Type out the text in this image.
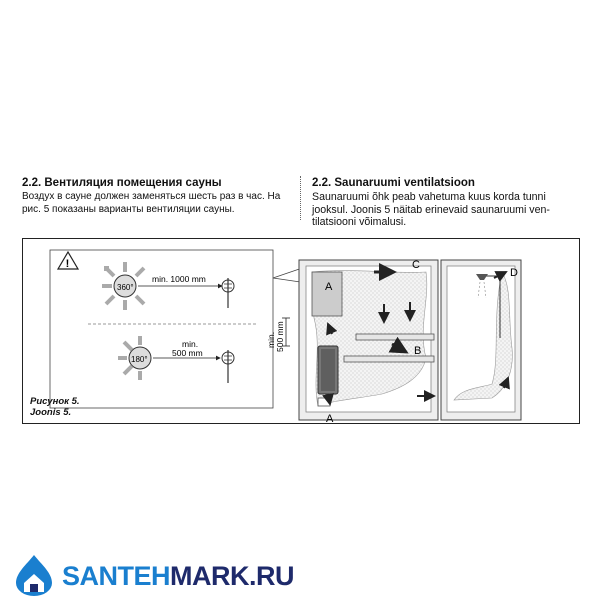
2.2. Вентиляция помещения сауны
Воздух в сауне должен заменяться шесть раз в час. На
рис. 5 показаны варианты вентиляции сауны.
2.2. Saunaruumi ventilatsioon
Saunaruumi õhk peab vahetuma kuus korda tunni
jooksul. Joonis 5 näitab erinevaid saunaruumi ven-
tilatsiooni võimalusi.
!
360°
min. 1000 mm
180°
min.
500 mm
min. 500 mm
A
A
B
C
D
Рисунок 5.
Joonis 5.
SANTEHMARK.RU
